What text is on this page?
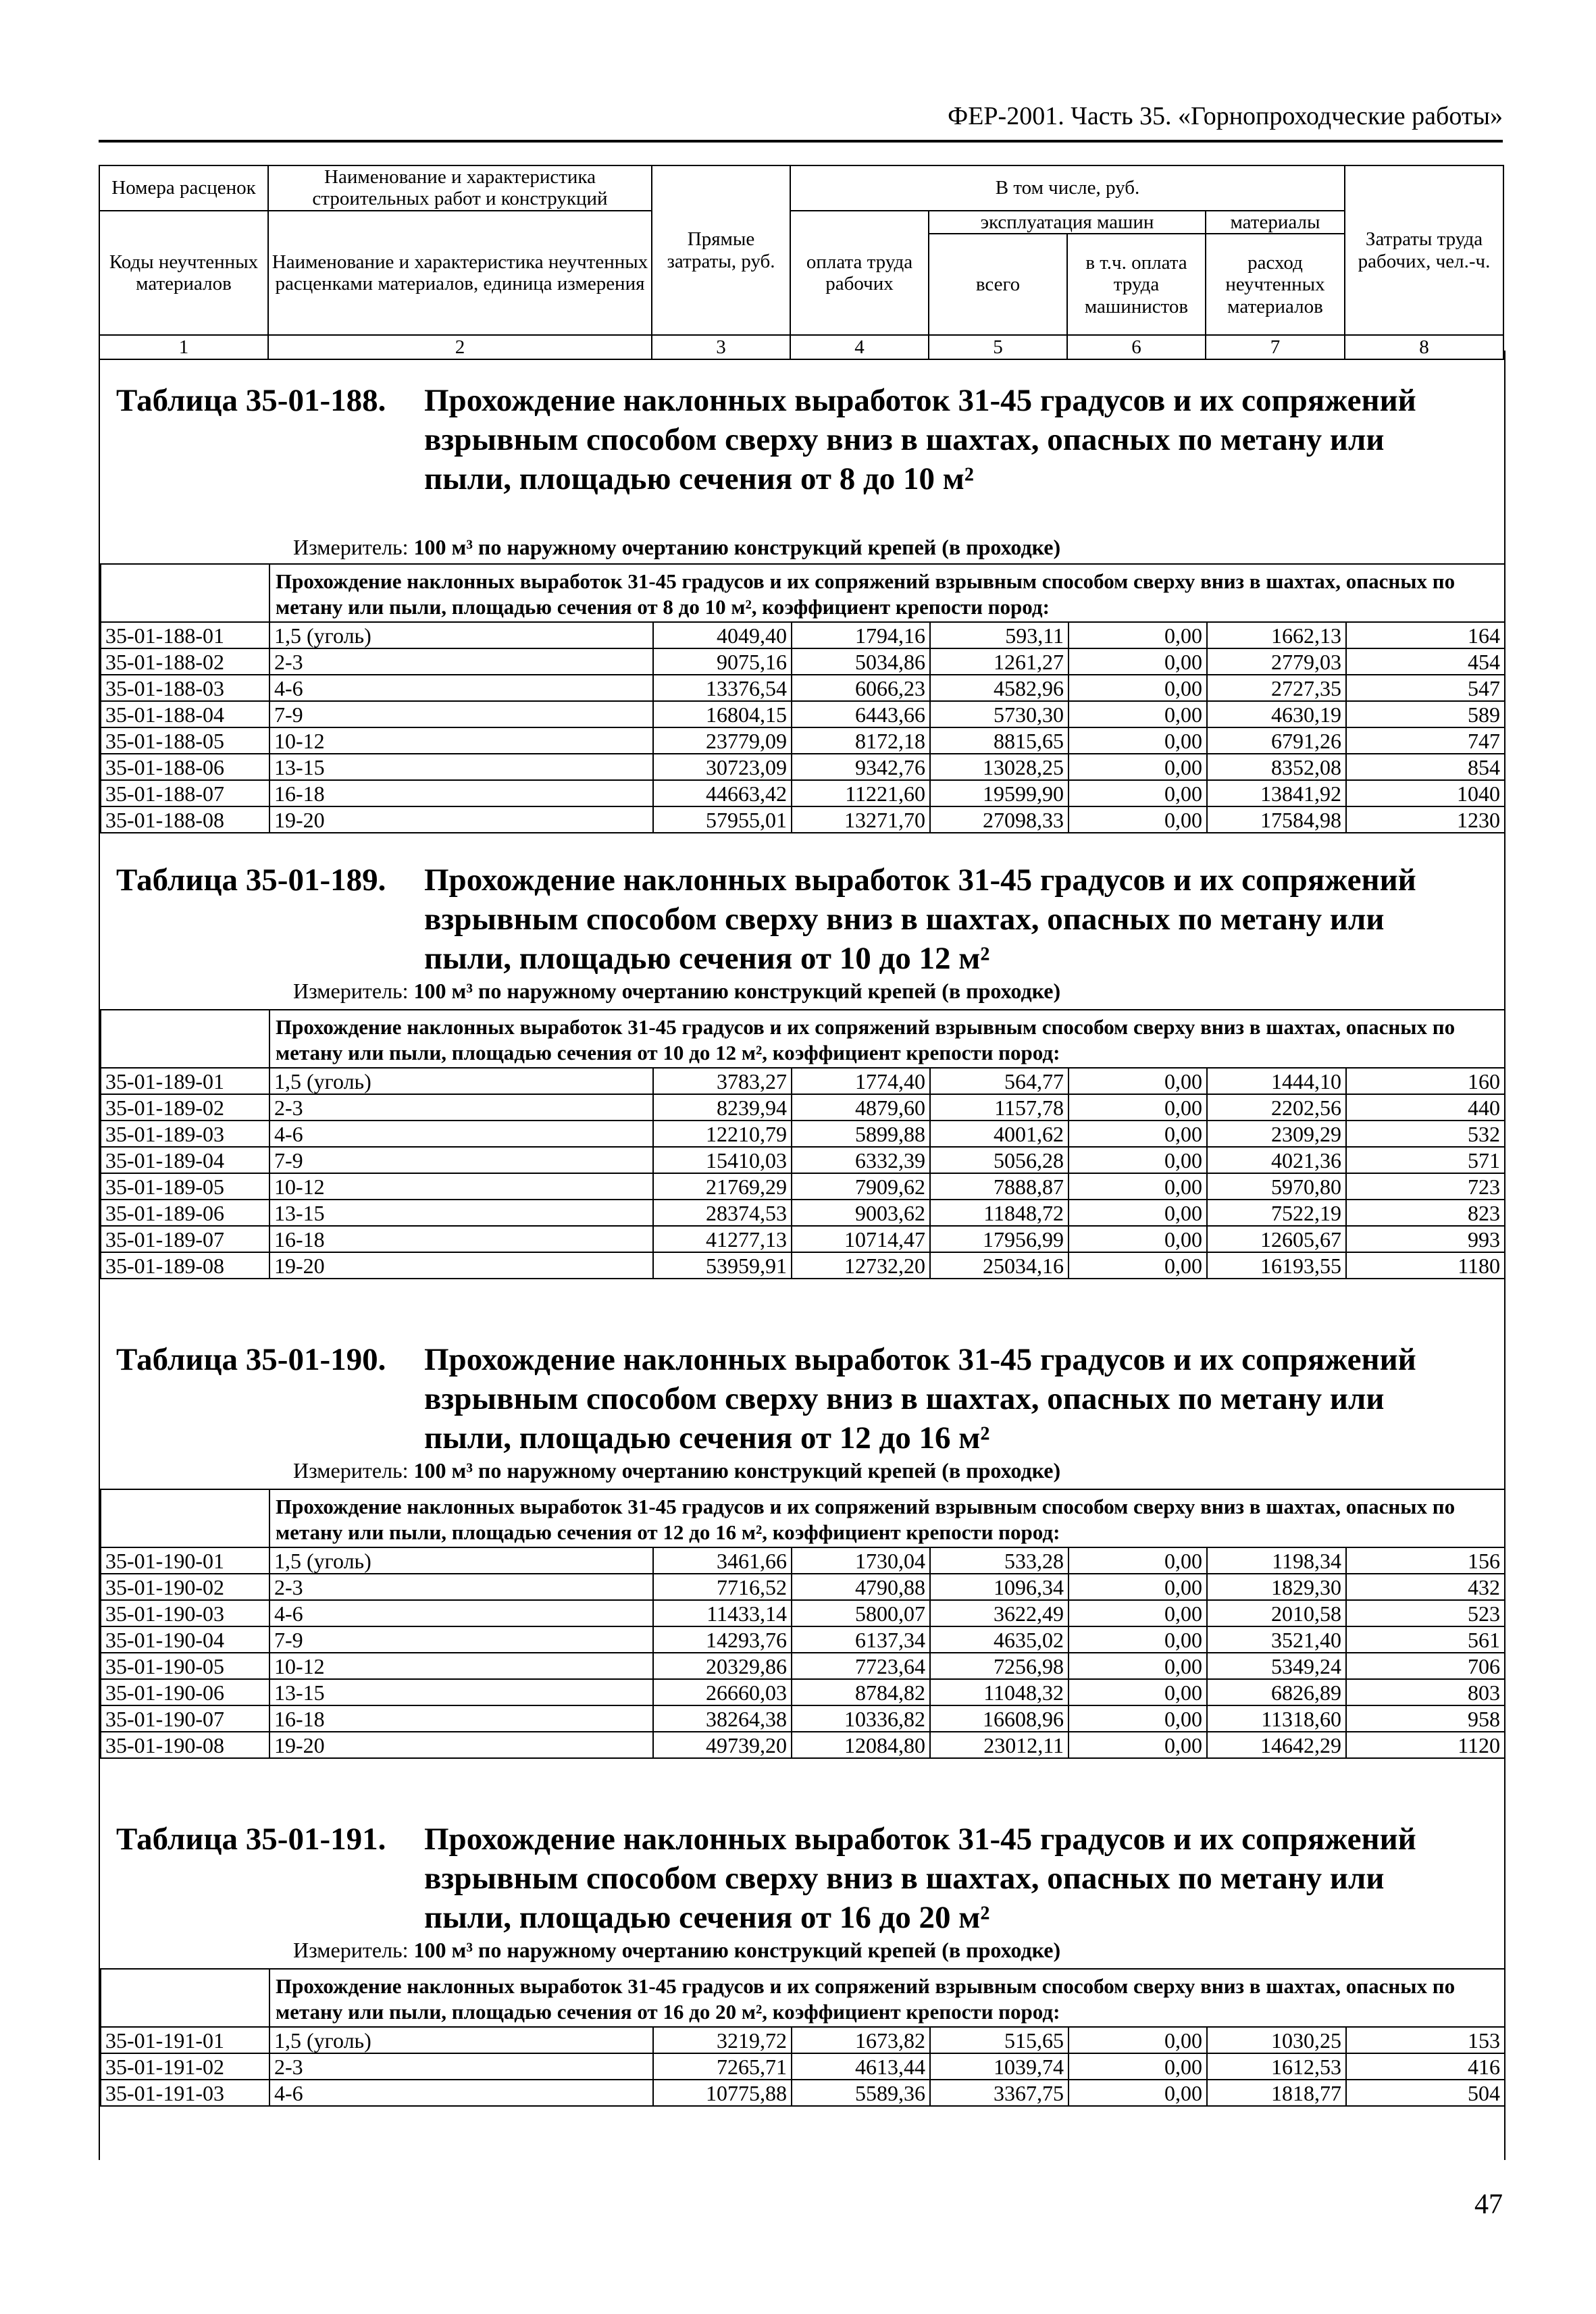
ФЕР-2001. Часть 35. «Горнопроходческие работы»
Номера расценок	Наименование и характеристика строительных работ и конструкций	Прямые затраты, руб.	В том числе, руб.				Затраты труда рабочих, чел.-ч.
Коды неучтенных материалов	Наименование и характеристика неучтенных расценками материалов, единица измерения		оплата труда рабочих	эксплуатация машин		материалы	
				всего	в т.ч. оплата труда машинистов	расход неучтенных материалов	
1	2	3	4	5	6	7	8
Таблица 35-01-188. Прохождение наклонных выработок 31-45 градусов и их сопряжений взрывным способом сверху вниз в шахтах, опасных по метану или пыли, площадью сечения от 8 до 10 м²
Измеритель: 100 м³ по наружному очертанию конструкций крепей (в проходке)
	Прохождение наклонных выработок 31-45 градусов и их сопряжений взрывным способом сверху вниз в шахтах, опасных по метану или пыли, площадью сечения от 8 до 10 м², коэффициент крепости пород:						
35-01-188-01	1,5 (уголь)	4049,40	1794,16	593,11	0,00	1662,13	164
35-01-188-02	2-3	9075,16	5034,86	1261,27	0,00	2779,03	454
35-01-188-03	4-6	13376,54	6066,23	4582,96	0,00	2727,35	547
35-01-188-04	7-9	16804,15	6443,66	5730,30	0,00	4630,19	589
35-01-188-05	10-12	23779,09	8172,18	8815,65	0,00	6791,26	747
35-01-188-06	13-15	30723,09	9342,76	13028,25	0,00	8352,08	854
35-01-188-07	16-18	44663,42	11221,60	19599,90	0,00	13841,92	1040
35-01-188-08	19-20	57955,01	13271,70	27098,33	0,00	17584,98	1230
Таблица 35-01-189. Прохождение наклонных выработок 31-45 градусов и их сопряжений взрывным способом сверху вниз в шахтах, опасных по метану или пыли, площадью сечения от 10 до 12 м²
Измеритель: 100 м³ по наружному очертанию конструкций крепей (в проходке)
	Прохождение наклонных выработок 31-45 градусов и их сопряжений взрывным способом сверху вниз в шахтах, опасных по метану или пыли, площадью сечения от 10 до 12 м², коэффициент крепости пород:						
35-01-189-01	1,5 (уголь)	3783,27	1774,40	564,77	0,00	1444,10	160
35-01-189-02	2-3	8239,94	4879,60	1157,78	0,00	2202,56	440
35-01-189-03	4-6	12210,79	5899,88	4001,62	0,00	2309,29	532
35-01-189-04	7-9	15410,03	6332,39	5056,28	0,00	4021,36	571
35-01-189-05	10-12	21769,29	7909,62	7888,87	0,00	5970,80	723
35-01-189-06	13-15	28374,53	9003,62	11848,72	0,00	7522,19	823
35-01-189-07	16-18	41277,13	10714,47	17956,99	0,00	12605,67	993
35-01-189-08	19-20	53959,91	12732,20	25034,16	0,00	16193,55	1180
Таблица 35-01-190. Прохождение наклонных выработок 31-45 градусов и их сопряжений взрывным способом сверху вниз в шахтах, опасных по метану или пыли, площадью сечения от 12 до 16 м²
Измеритель: 100 м³ по наружному очертанию конструкций крепей (в проходке)
	Прохождение наклонных выработок 31-45 градусов и их сопряжений взрывным способом сверху вниз в шахтах, опасных по метану или пыли, площадью сечения от 12 до 16 м², коэффициент крепости пород:						
35-01-190-01	1,5 (уголь)	3461,66	1730,04	533,28	0,00	1198,34	156
35-01-190-02	2-3	7716,52	4790,88	1096,34	0,00	1829,30	432
35-01-190-03	4-6	11433,14	5800,07	3622,49	0,00	2010,58	523
35-01-190-04	7-9	14293,76	6137,34	4635,02	0,00	3521,40	561
35-01-190-05	10-12	20329,86	7723,64	7256,98	0,00	5349,24	706
35-01-190-06	13-15	26660,03	8784,82	11048,32	0,00	6826,89	803
35-01-190-07	16-18	38264,38	10336,82	16608,96	0,00	11318,60	958
35-01-190-08	19-20	49739,20	12084,80	23012,11	0,00	14642,29	1120
Таблица 35-01-191. Прохождение наклонных выработок 31-45 градусов и их сопряжений взрывным способом сверху вниз в шахтах, опасных по метану или пыли, площадью сечения от 16 до 20 м²
Измеритель: 100 м³ по наружному очертанию конструкций крепей (в проходке)
	Прохождение наклонных выработок 31-45 градусов и их сопряжений взрывным способом сверху вниз в шахтах, опасных по метану или пыли, площадью сечения от 16 до 20 м², коэффициент крепости пород:						
35-01-191-01	1,5 (уголь)	3219,72	1673,82	515,65	0,00	1030,25	153
35-01-191-02	2-3	7265,71	4613,44	1039,74	0,00	1612,53	416
35-01-191-03	4-6	10775,88	5589,36	3367,75	0,00	1818,77	504
47
